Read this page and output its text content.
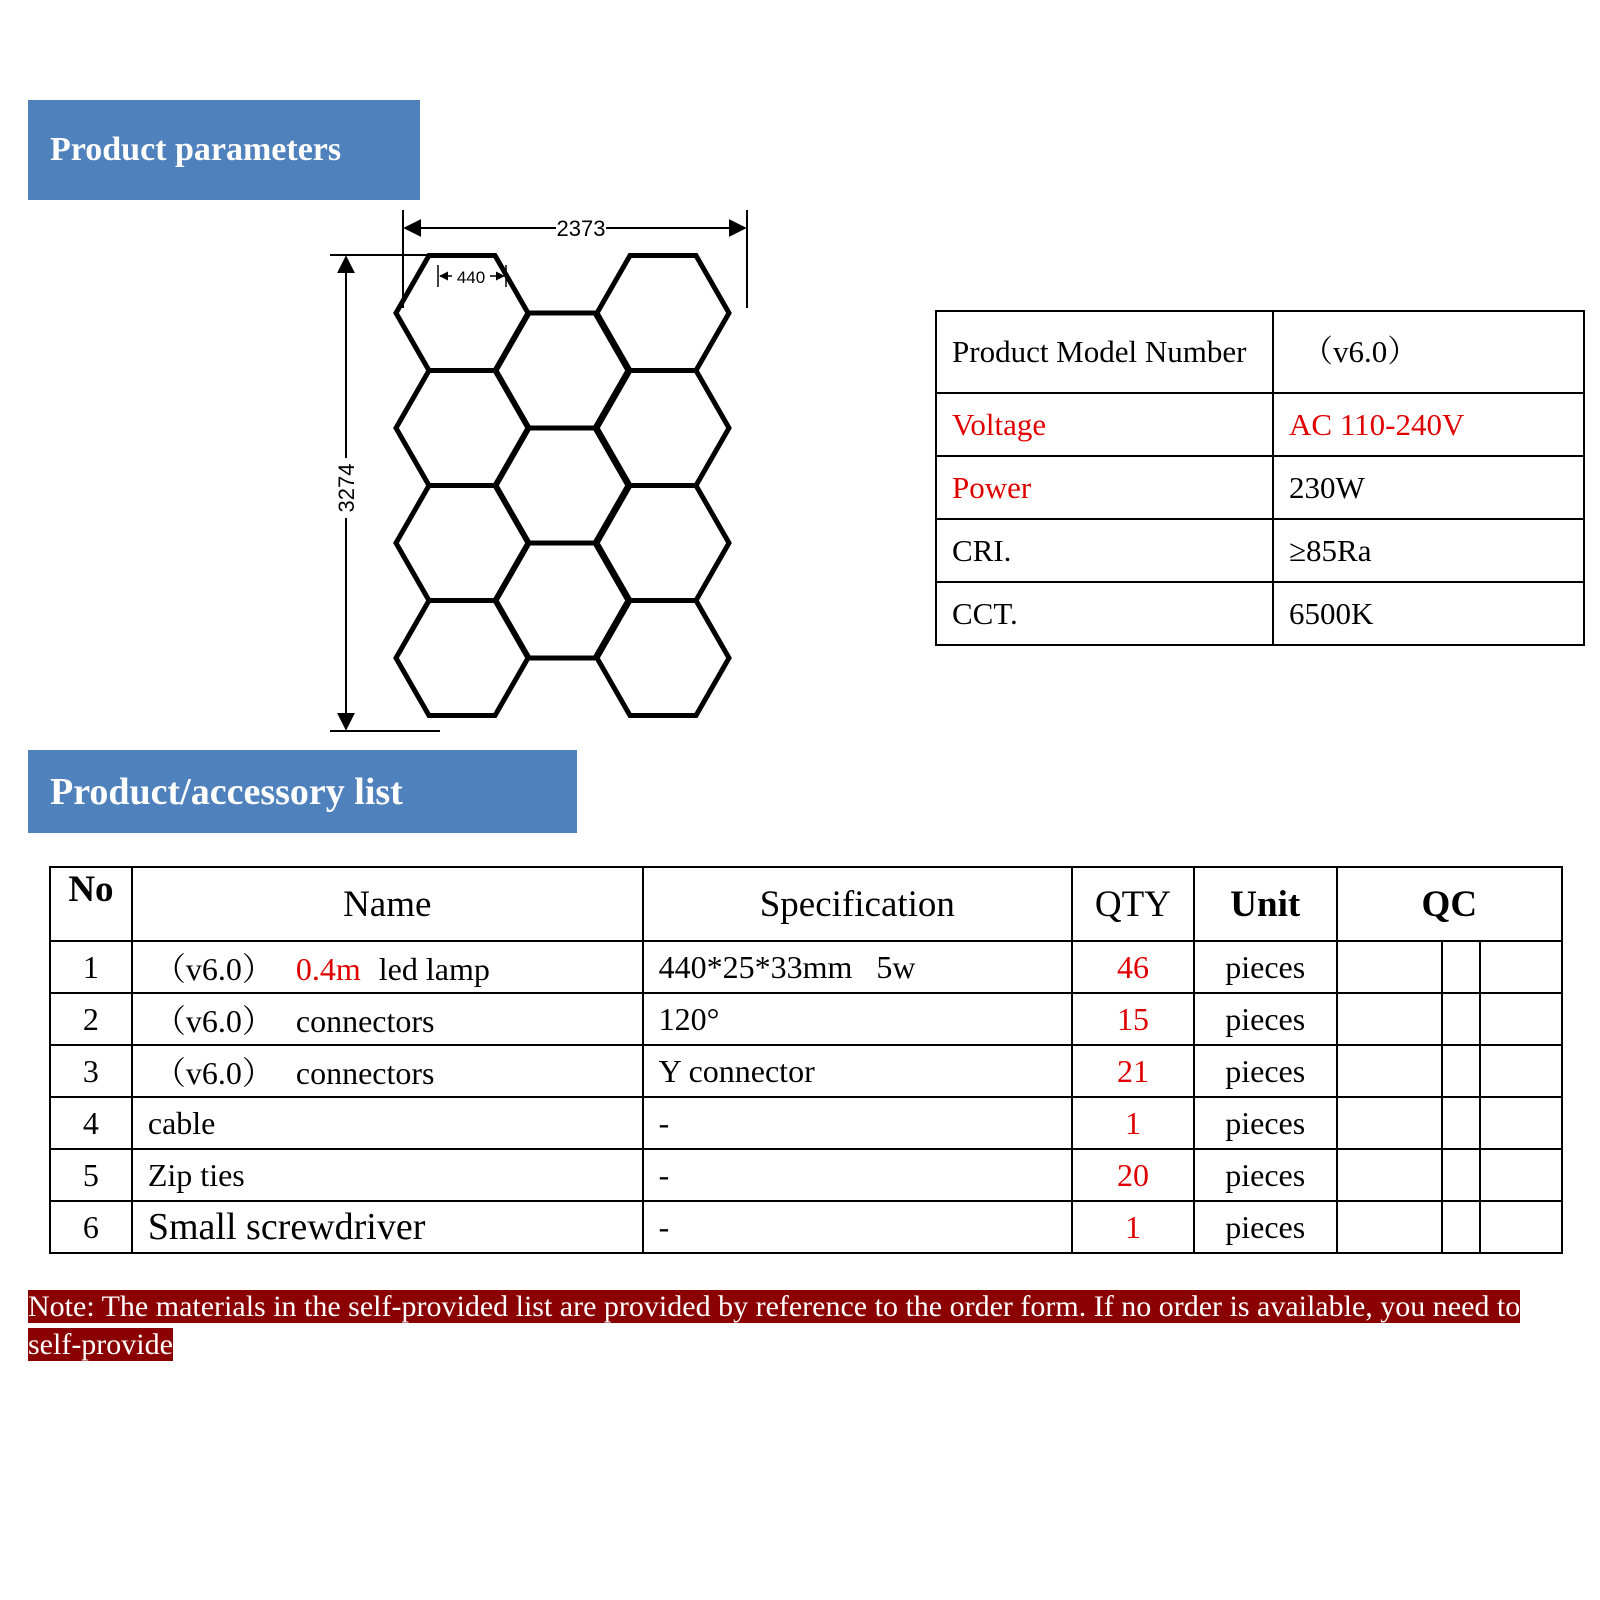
Product parameters
2373
3274
440
Product Model Number	（v6.0）
Voltage	AC 110-240V
Power	230W
CRI.	≥85Ra
CCT.	6500K
Product/accessory list
No	Name	Specification	QTY	Unit	QC		
1	（v6.0） 0.4m led lamp	440*25*33mm   5w	46	pieces			
2	（v6.0） connectors	120°	15	pieces			
3	（v6.0） connectors	Y connector	21	pieces			
4	cable	-	1	pieces			
5	Zip ties	-	20	pieces			
6	Small screwdriver	-	1	pieces			
Note: The materials in the self-provided list are provided by reference to the order form. If no order is available, you need to self-provide
